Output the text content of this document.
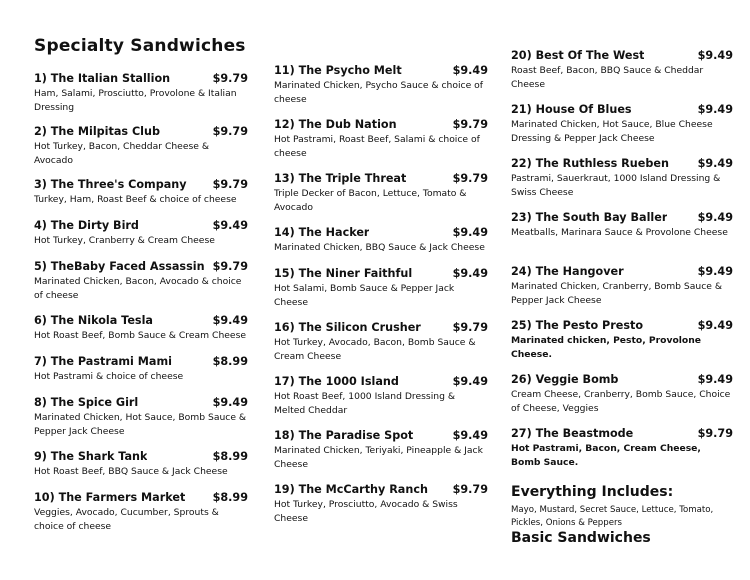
Specialty Sandwiches
1) The Italian Stallion	$9.79
Ham, Salami, Prosciutto, Provolone & Italian Dressing
2) The Milpitas Club	$9.79
Hot Turkey, Bacon, Cheddar Cheese & Avocado
3) The Three's Company	$9.79
Turkey, Ham, Roast Beef & choice of cheese
4) The Dirty Bird	$9.49
Hot Turkey, Cranberry & Cream Cheese
5) TheBaby Faced Assassin $9.79
Marinated Chicken, Bacon, Avocado & choice of cheese
6) The Nikola Tesla	$9.49
Hot Roast Beef, Bomb Sauce & Cream Cheese
7) The Pastrami Mami	$8.99
Hot Pastrami & choice of cheese
8) The Spice Girl	$9.49
Marinated Chicken, Hot Sauce, Bomb Sauce & Pepper Jack Cheese
9) The Shark Tank	$8.99
Hot Roast Beef, BBQ Sauce & Jack Cheese
10) The Farmers Market	$8.99
Veggies, Avocado, Cucumber, Sprouts & choice of cheese
11) The Psycho Melt	$9.49
Marinated Chicken, Psycho Sauce & choice of cheese
12) The Dub Nation	$9.79
Hot Pastrami, Roast Beef, Salami & choice of cheese
13) The Triple Threat	$9.79
Triple Decker of Bacon, Lettuce, Tomato & Avocado
14) The Hacker	$9.49
Marinated Chicken, BBQ Sauce & Jack Cheese
15) The Niner Faithful	$9.49
Hot Salami, Bomb Sauce & Pepper Jack Cheese
16) The Silicon Crusher	$9.79
Hot Turkey, Avocado, Bacon, Bomb Sauce & Cream Cheese
17) The 1000 Island	$9.49
Hot Roast Beef, 1000 Island Dressing & Melted Cheddar
18) The Paradise Spot	$9.49
Marinated Chicken, Teriyaki, Pineapple & Jack Cheese
19) The McCarthy Ranch	$9.79
Hot Turkey, Prosciutto, Avocado & Swiss Cheese
Everything Includes:
Mayo, Mustard, Secret Sauce, Lettuce, Tomato, Pickles, Onions & Peppers
Basic Sandwiches
20) Best Of The West	$9.49
Roast Beef, Bacon, BBQ Sauce & Cheddar Cheese
21) House Of Blues	$9.49
Marinated Chicken, Hot Sauce, Blue Cheese Dressing & Pepper Jack Cheese
22) The Ruthless Rueben	$9.49
Pastrami, Sauerkraut, 1000 Island Dressing & Swiss Cheese
23) The South Bay Baller	$9.49
Meatballs, Marinara Sauce & Provolone Cheese
24) The Hangover	$9.49
Marinated Chicken, Cranberry, Bomb Sauce & Pepper Jack Cheese
25) The Pesto Presto	$9.49
Marinated chicken, Pesto, Provolone Cheese.
26) Veggie Bomb	$9.49
Cream Cheese, Cranberry, Bomb Sauce, Choice of Cheese, Veggies
27) The Beastmode	$9.79
Hot Pastrami, Bacon, Cream Cheese, Bomb Sauce.
